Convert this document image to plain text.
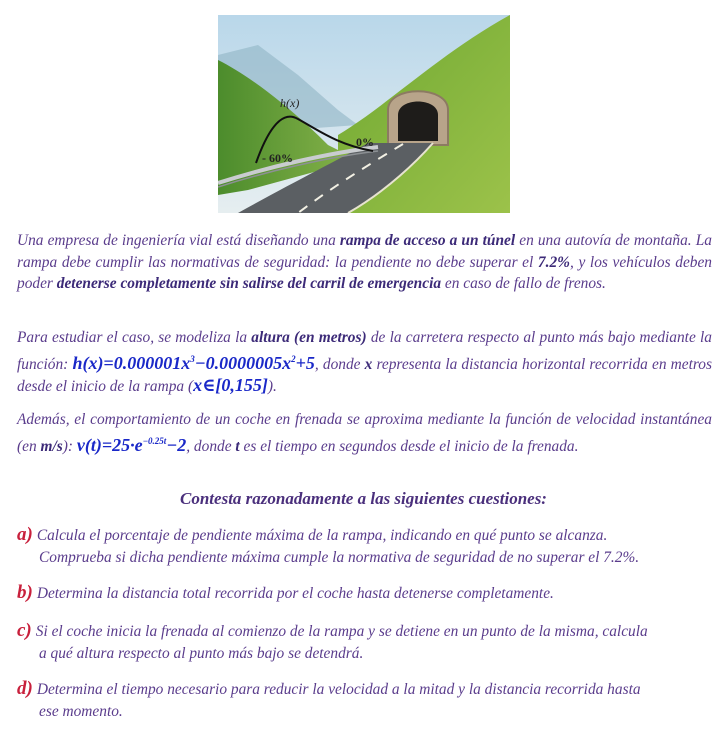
h(x)
- 60%
0%
Una empresa de ingeniería vial está diseñando una rampa de acceso a un túnel en una autovía de montaña. La rampa debe cumplir las normativas de seguridad: la pendiente no debe superar el 7.2%, y los vehículos deben poder detenerse completamente sin salirse del carril de emergencia en caso de fallo de frenos.
Para estudiar el caso, se modeliza la altura (en metros) de la carretera respecto al punto más bajo mediante la función: $h(x)=0.000001x^3-0.0000005x^2+5$, donde x representa la distancia horizontal recorrida en metros desde el inicio de la rampa (x∈[0,155]).
Además, el comportamiento de un coche en frenada se aproxima mediante la función de velocidad instantánea (en m/s): $v(t)=25\cdot e^{-0.25t}-2$, donde t es el tiempo en segundos desde el inicio de la frenada.
Contesta razonadamente a las siguientes cuestiones:
a) Calcula el porcentaje de pendiente máxima de la rampa, indicando en qué punto se alcanza.
Comprueba si dicha pendiente máxima cumple la normativa de seguridad de no superar el 7.2%.
b) Determina la distancia total recorrida por el coche hasta detenerse completamente.
c) Si el coche inicia la frenada al comienzo de la rampa y se detiene en un punto de la misma, calcula
a qué altura respecto al punto más bajo se detendrá.
d) Determina el tiempo necesario para reducir la velocidad a la mitad y la distancia recorrida hasta
ese momento.
